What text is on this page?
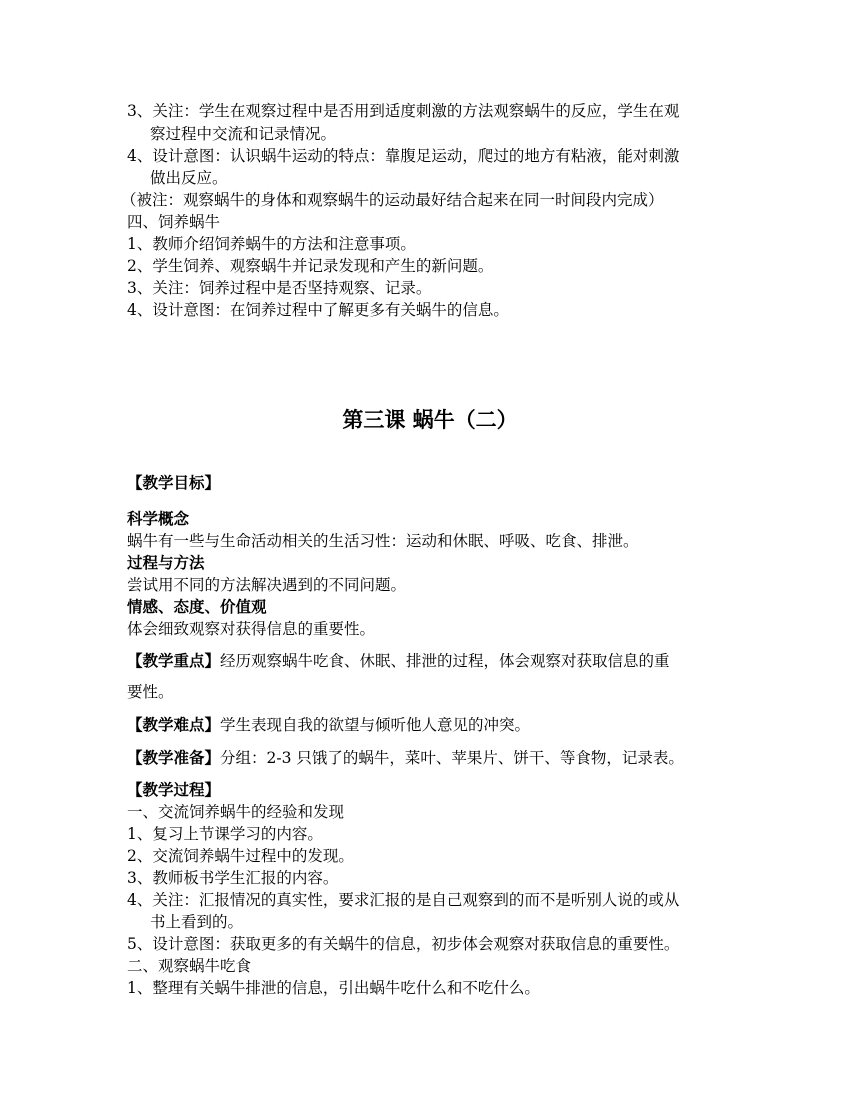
3、关注：学生在观察过程中是否用到适度刺激的方法观察蜗牛的反应，学生在观
察过程中交流和记录情况。
4、设计意图：认识蜗牛运动的特点：靠腹足运动，爬过的地方有粘液，能对刺激
做出反应。
（被注：观察蜗牛的身体和观察蜗牛的运动最好结合起来在同一时间段内完成）
四、饲养蜗牛
1、教师介绍饲养蜗牛的方法和注意事项。
2、学生饲养、观察蜗牛并记录发现和产生的新问题。
3、关注：饲养过程中是否坚持观察、记录。
4、设计意图：在饲养过程中了解更多有关蜗牛的信息。
第三课 蜗牛（二）
【教学目标】
科学概念
蜗牛有一些与生命活动相关的生活习性：运动和休眠、呼吸、吃食、排泄。
过程与方法
尝试用不同的方法解决遇到的不同问题。
情感、态度、价值观
体会细致观察对获得信息的重要性。
【教学重点】经历观察蜗牛吃食、休眠、排泄的过程，体会观察对获取信息的重
要性。
【教学难点】学生表现自我的欲望与倾听他人意见的冲突。
【教学准备】分组：2-3 只饿了的蜗牛，菜叶、苹果片、饼干、等食物，记录表。
【教学过程】
一、交流饲养蜗牛的经验和发现
1、复习上节课学习的内容。
2、交流饲养蜗牛过程中的发现。
3、教师板书学生汇报的内容。
4、关注：汇报情况的真实性，要求汇报的是自己观察到的而不是听别人说的或从
书上看到的。
5、设计意图：获取更多的有关蜗牛的信息，初步体会观察对获取信息的重要性。
二、观察蜗牛吃食
1、整理有关蜗牛排泄的信息，引出蜗牛吃什么和不吃什么。
